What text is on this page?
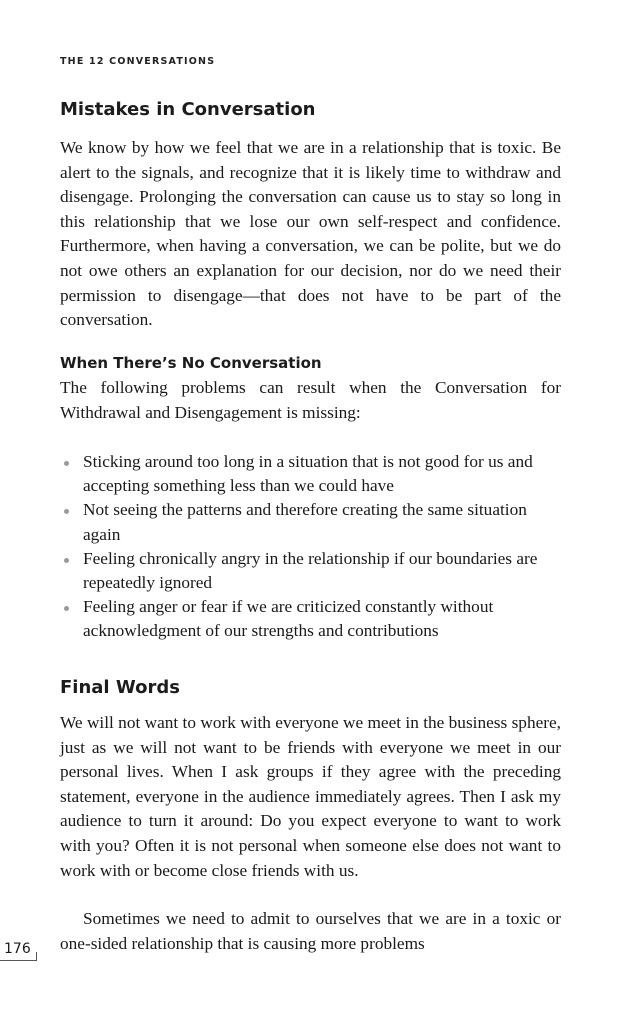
THE 12 CONVERSATIONS
Mistakes in Conversation

We know by how we feel that we are in a relationship that is toxic. Be alert to the signals, and recognize that it is likely time to withdraw and disengage. Prolonging the conversation can cause us to stay so long in this relationship that we lose our own self-respect and confidence. Furthermore, when having a conversation, we can be polite, but we do not owe others an explanation for our decision, nor do we need their permission to disengage—that does not have to be part of the conversation.

When There’s No Conversation

The following problems can result when the Conversation for Withdrawal and Disengagement is missing:

Sticking around too long in a situation that is not good for us and accepting something less than we could have
Not seeing the patterns and therefore creating the same situation again
Feeling chronically angry in the relationship if our boundaries are repeatedly ignored
Feeling anger or fear if we are criticized constantly without acknowledgment of our strengths and contributions
Final Words

We will not want to work with everyone we meet in the business sphere, just as we will not want to be friends with everyone we meet in our personal lives. When I ask groups if they agree with the preceding statement, everyone in the audience immediately agrees. Then I ask my audience to turn it around: Do you expect everyone to want to work with you? Often it is not personal when someone else does not want to work with or become close friends with us.

Sometimes we need to admit to ourselves that we are in a toxic or one-sided relationship that is causing more problems

176
